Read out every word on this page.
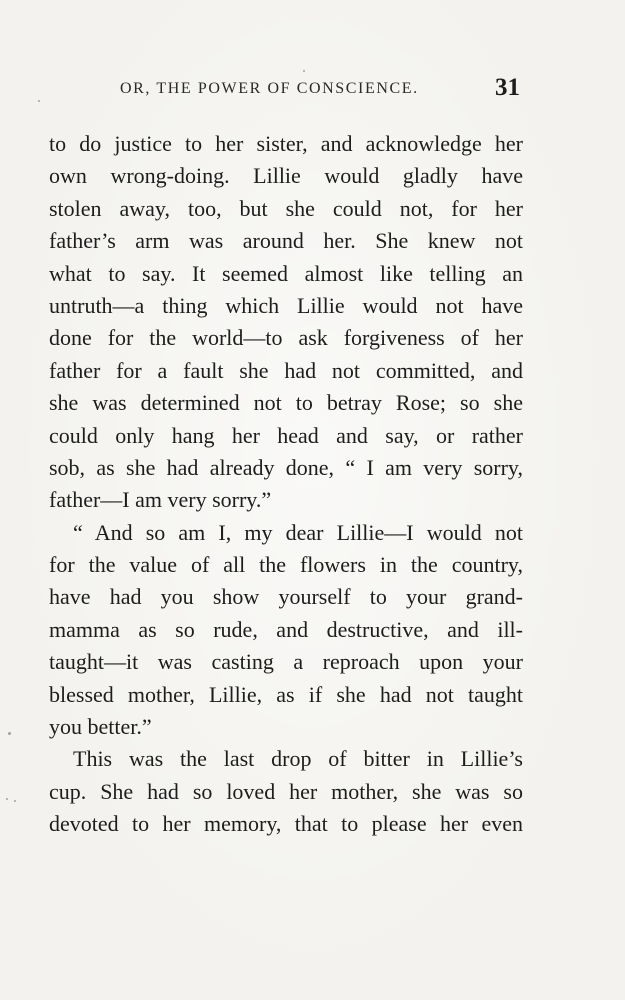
OR, THE POWER OF CONSCIENCE.	31
to do justice to her sister, and acknowledge her
own wrong-doing. Lillie would gladly have
stolen away, too, but she could not, for her
father’s arm was around her. She knew not
what to say. It seemed almost like telling an
untruth—a thing which Lillie would not have
done for the world—to ask forgiveness of her
father for a fault she had not committed, and
she was determined not to betray Rose; so she
could only hang her head and say, or rather
sob, as she had already done, “ I am very sorry,
father—I am very sorry.”
“ And so am I, my dear Lillie—I would not
for the value of all the flowers in the country,
have had you show yourself to your grand-
mamma as so rude, and destructive, and ill-
taught—it was casting a reproach upon your
blessed mother, Lillie, as if she had not taught
you better.”
This was the last drop of bitter in Lillie’s
cup. She had so loved her mother, she was so
devoted to her memory, that to please her even
